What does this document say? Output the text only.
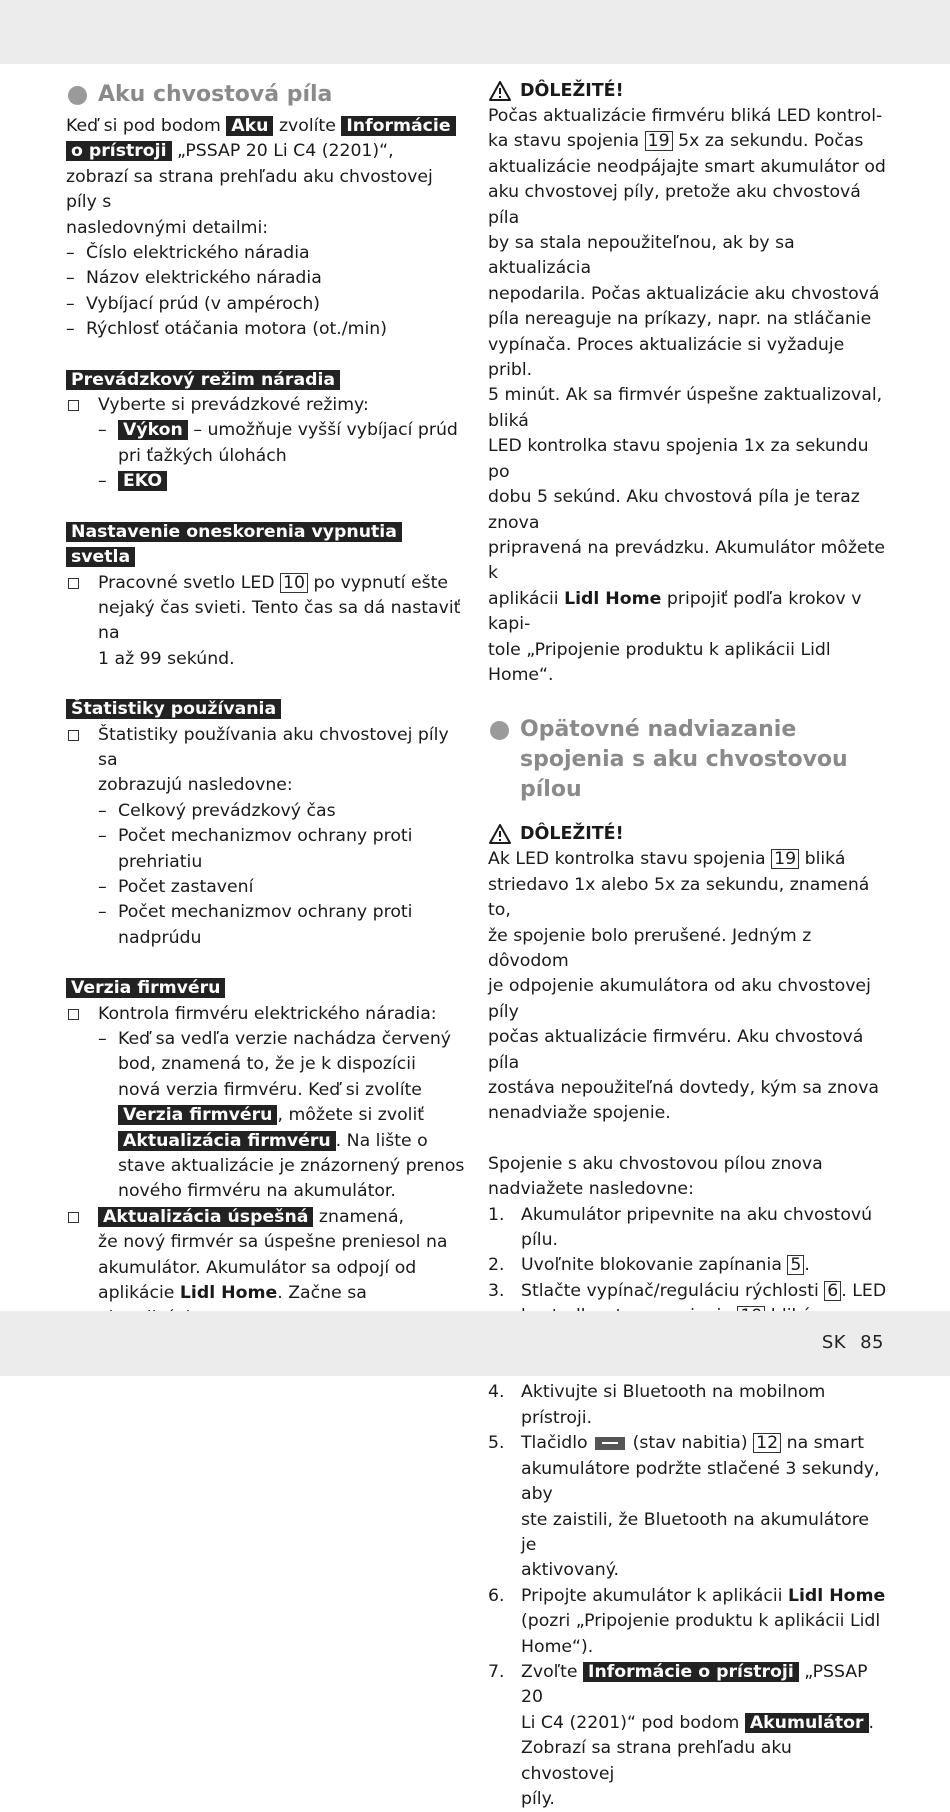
Aku chvostová píla

Keď si pod bodom Aku zvolíte Informácie

o prístroji „PSSAP 20 Li C4 (2201)“,

zobrazí sa strana prehľadu aku chvostovej píly s

nasledovnými detailmi:

– Číslo elektrického náradia

– Názov elektrického náradia

– Vybíjací prúd (v ampéroch)

– Rýchlosť otáčania motora (ot./min)

Prevádzkový režim náradia

Vyberte si prevádzkové režimy:

– Výkon – umožňuje vyšší vybíjací prúd

pri ťažkých úlohách

– EKO

Nastavenie oneskorenia vypnutia

svetla

Pracovné svetlo LED 10 po vypnutí ešte

nejaký čas svieti. Tento čas sa dá nastaviť na

1 až 99 sekúnd.

Štatistiky používania

Štatistiky používania aku chvostovej píly sa

zobrazujú nasledovne:

– Celkový prevádzkový čas

– Počet mechanizmov ochrany proti

prehriatiu

– Počet zastavení

– Počet mechanizmov ochrany proti

nadprúdu

Verzia firmvéru

Kontrola firmvéru elektrického náradia:

– Keď sa vedľa verzie nachádza červený

bod, znamená to, že je k dispozícii

nová verzia firmvéru. Keď si zvolíte

Verzia firmvéru , môžete si zvoliť

Aktualizácia firmvéru . Na lište o

stave aktualizácie je znázornený prenos

nového firmvéru na akumulátor.

Aktualizácia úspešná znamená,

že nový firmvér sa úspešne preniesol na

akumulátor. Akumulátor sa odpojí od

aplikácie Lidl Home. Začne sa

DÔLEŽITÉ!

Počas aktualizácie firmvéru bliká LED kontrol-

ka stavu spojenia 19 5x za sekundu. Počas

aktualizácie neodpájajte smart akumulátor od

aku chvostovej píly, pretože aku chvostová píla

by sa stala nepoužiteľnou, ak by sa aktualizácia

nepodarila. Počas aktualizácie aku chvostová

píla nereaguje na príkazy, napr. na stláčanie

vypínača. Proces aktualizácie si vyžaduje pribl.

5 minút. Ak sa firmvér úspešne zaktualizoval, bliká

LED kontrolka stavu spojenia 1x za sekundu po

dobu 5 sekúnd. Aku chvostová píla je teraz znova

pripravená na prevádzku. Akumulátor môžete k

aplikácii Lidl Home pripojiť podľa krokov v kapi-

tole „Pripojenie produktu k aplikácii Lidl Home“.

Opätovné nadviazanie
spojenia s aku chvostovou
pílou
DÔLEŽITÉ!

Ak LED kontrolka stavu spojenia 19 bliká

striedavo 1x alebo 5x za sekundu, znamená to,

že spojenie bolo prerušené. Jedným z dôvodom

je odpojenie akumulátora od aku chvostovej píly

počas aktualizácie firmvéru. Aku chvostová píla

zostáva nepoužiteľná dovtedy, kým sa znova

nenadviaže spojenie.

Spojenie s aku chvostovou pílou znova

nadviažete nasledovne:

1. Akumulátor pripevnite na aku chvostovú pílu.

2. Uvoľnite blokovanie zapínania 5 .

3. Stlačte vypínač/reguláciu rýchlosti 6 . LED

4. Aktivujte si Bluetooth na mobilnom prístroji.

5. Tlačidlo  (stav nabitia) 12 na smart

akumulátore podržte stlačené 3 sekundy, aby

ste zaistili, že Bluetooth na akumulátore je

aktivovaný.

6. Pripojte akumulátor k aplikácii Lidl Home

(pozri „Pripojenie produktu k aplikácii Lidl

Home“).

7. Zvoľte Informácie o prístroji „PSSAP 20

Li C4 (2201)“ pod bodom Akumulátor .

Zobrazí sa strana prehľadu aku chvostovej

píly.

SK 85
